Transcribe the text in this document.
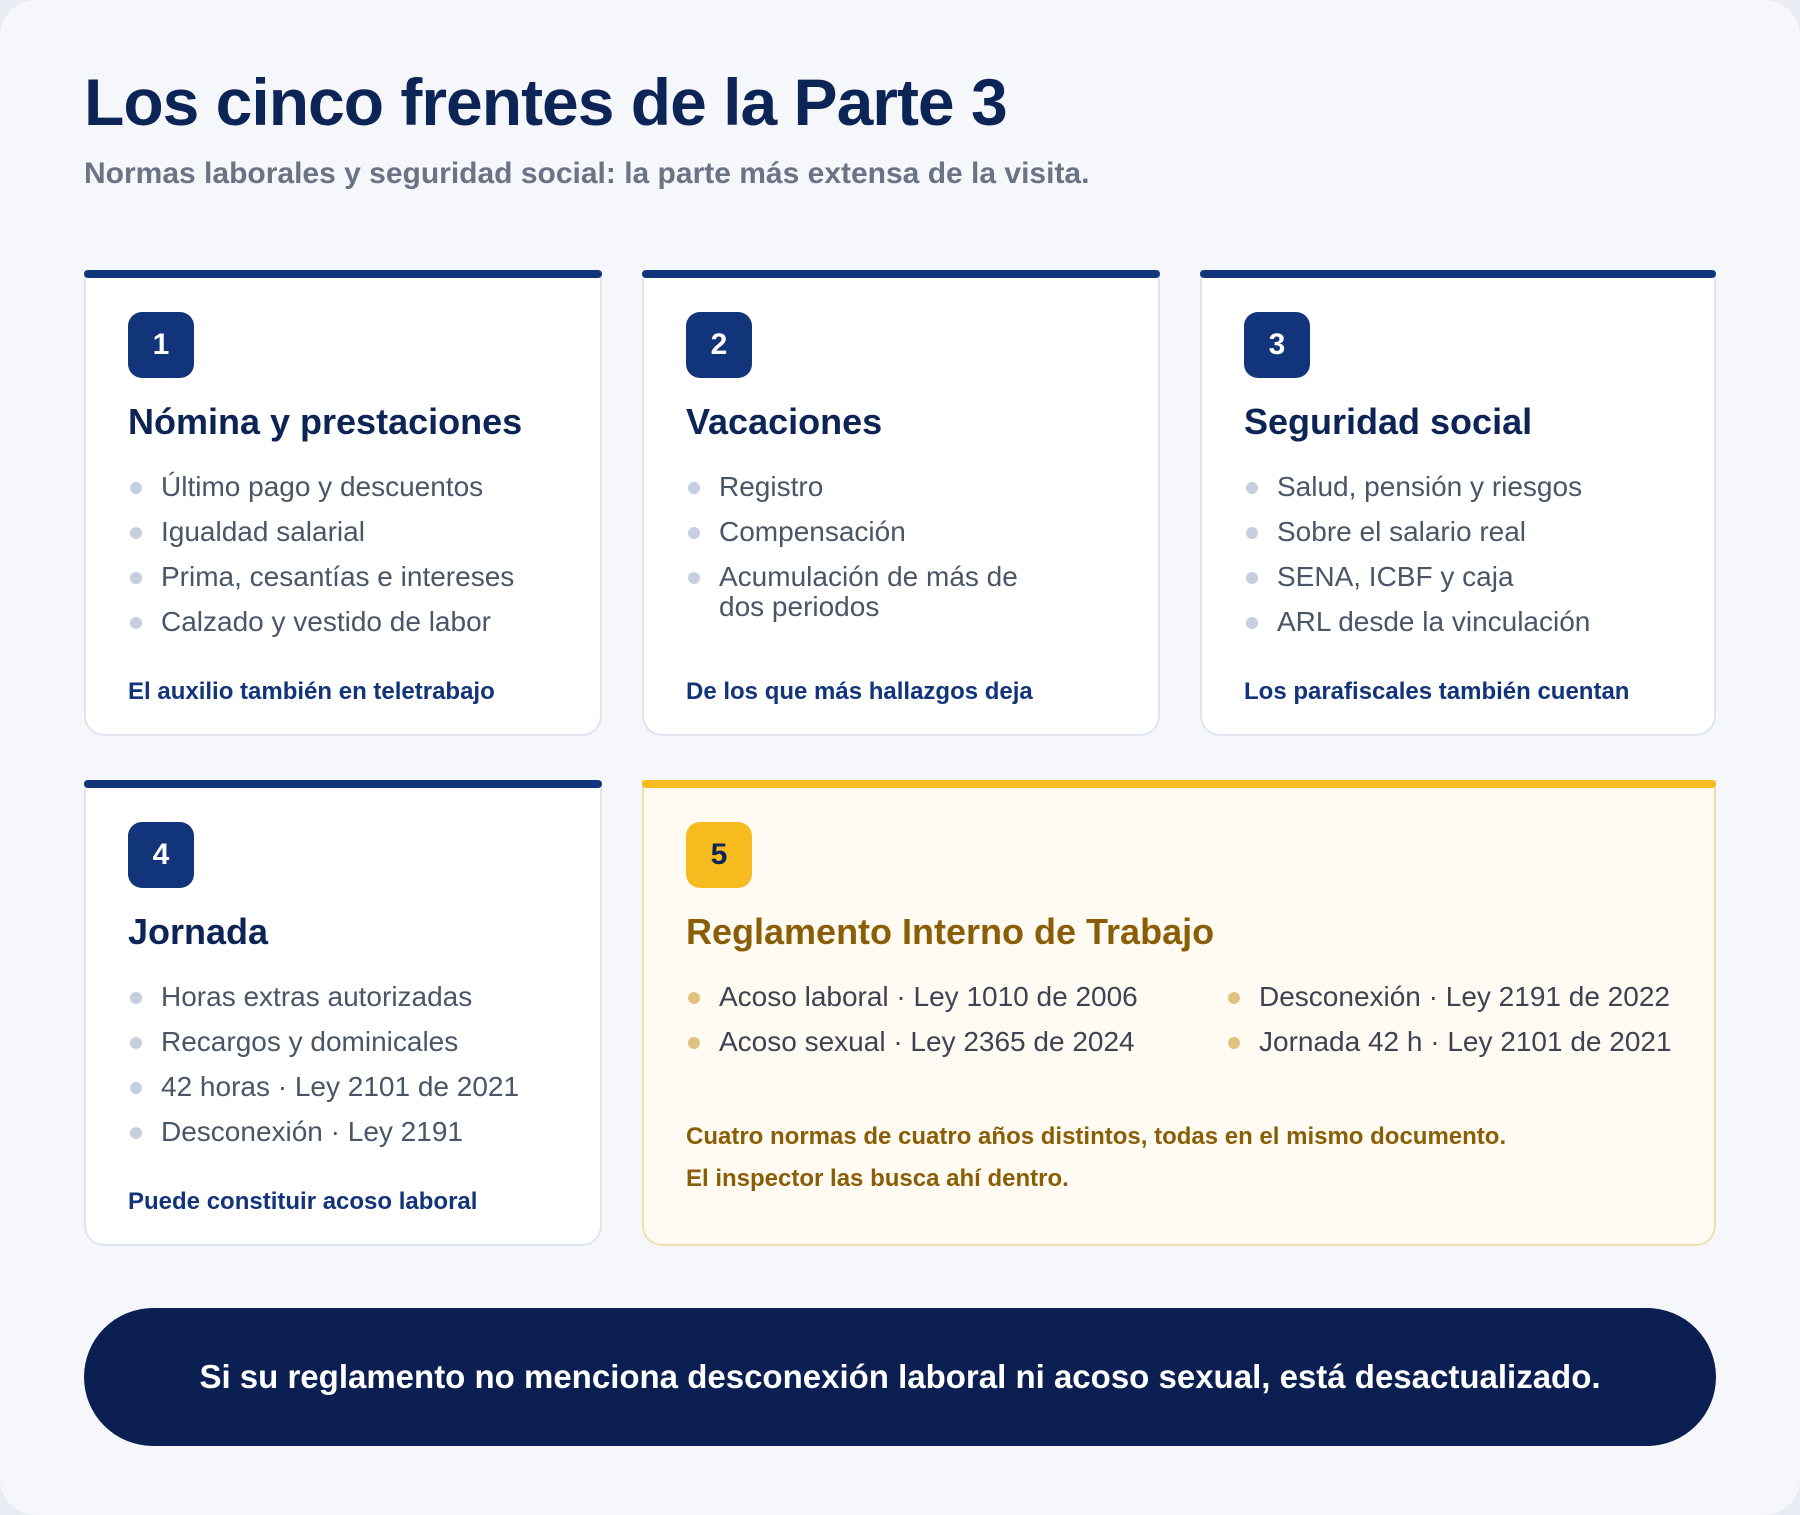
Los cinco frentes de la Parte 3

Normas laborales y seguridad social: la parte más extensa de la visita.

1
Nómina y prestaciones
Último pago y descuentos
Igualdad salarial
Prima, cesantías e intereses
Calzado y vestido de labor
El auxilio también en teletrabajo
2
Vacaciones
Registro
Compensación
Acumulación de más de dos periodos
De los que más hallazgos deja
3
Seguridad social
Salud, pensión y riesgos
Sobre el salario real
SENA, ICBF y caja
ARL desde la vinculación
Los parafiscales también cuentan
4
Jornada
Horas extras autorizadas
Recargos y dominicales
42 horas · Ley 2101 de 2021
Desconexión · Ley 2191
Puede constituir acoso laboral
5
Reglamento Interno de Trabajo
Acoso laboral · Ley 1010 de 2006
Acoso sexual · Ley 2365 de 2024
Desconexión · Ley 2191 de 2022
Jornada 42 h · Ley 2101 de 2021
Cuatro normas de cuatro años distintos, todas en el mismo documento.
El inspector las busca ahí dentro.
Si su reglamento no menciona desconexión laboral ni acoso sexual, está desactualizado.
